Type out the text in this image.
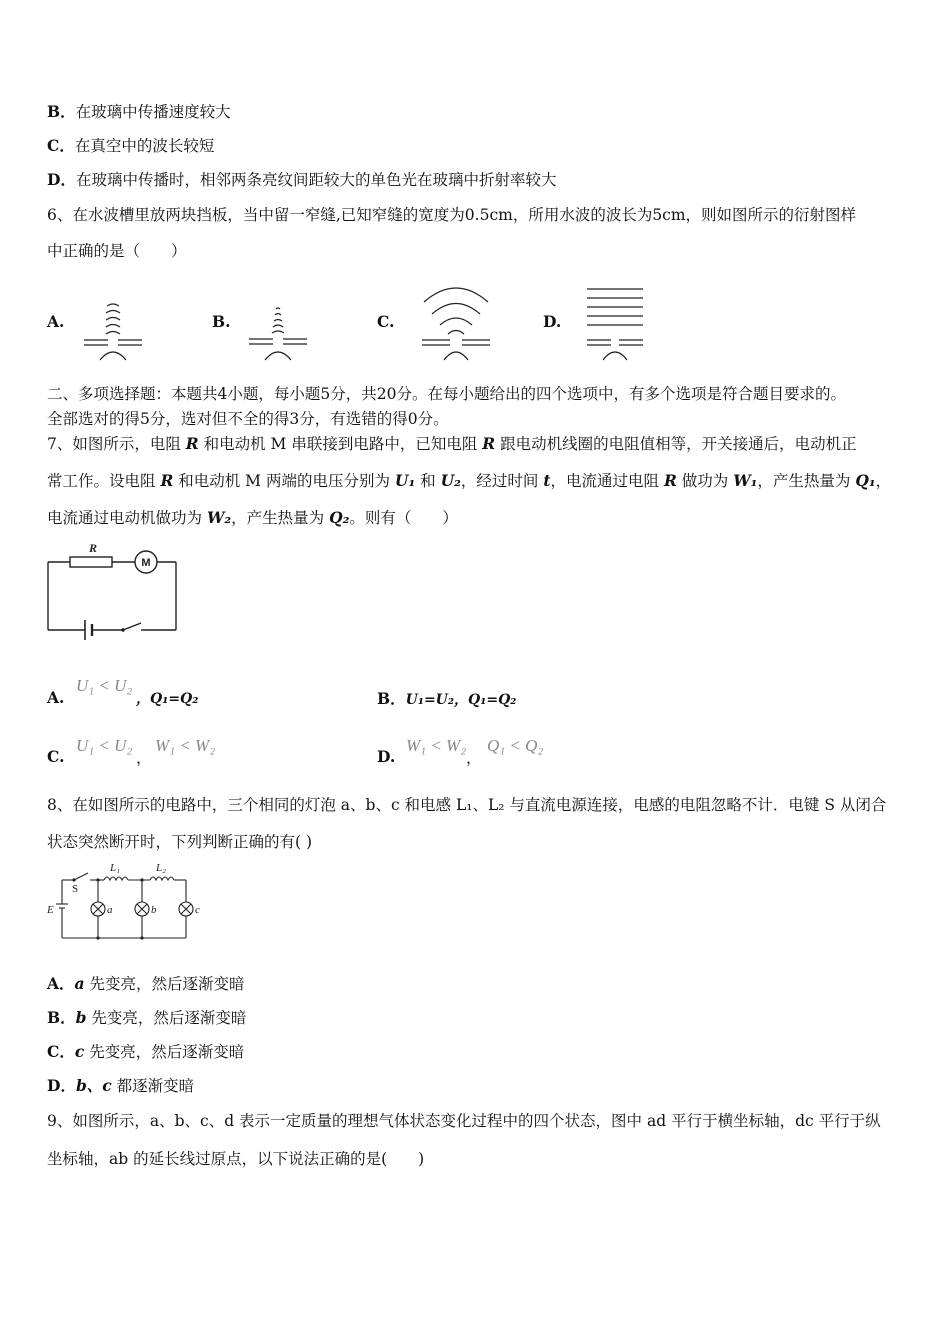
B．在玻璃中传播速度较大
C．在真空中的波长较短
D．在玻璃中传播时，相邻两条亮纹间距较大的单色光在玻璃中折射率较大
6、在水波槽里放两块挡板，当中留一窄缝,已知窄缝的宽度为0.5cm，所用水波的波长为5cm，则如图所示的衍射图样
中正确的是（　　）
A.	B.	C.	D.
二、多项选择题：本题共4小题，每小题5分，共20分。在每小题给出的四个选项中，有多个选项是符合题目要求的。
全部选对的得5分，选对但不全的得3分，有选错的得0分。
7、如图所示，电阻 R 和电动机 M 串联接到电路中，已知电阻 R 跟电动机线圈的电阻值相等，开关接通后，电动机正
常工作。设电阻 R 和电动机 M 两端的电压分别为 U₁ 和 U₂，经过时间 t，电流通过电阻 R 做功为 W₁，产生热量为 Q₁，
电流通过电动机做功为 W₂，产生热量为 Q₂。则有（　　）
R
M
A.
U₁ < U₂
，Q₁=Q₂	B．U₁=U₂，Q₁=Q₂
C.
U₁ < U₂
，
W₁ < W₂
D.
W₁ < W₂
，
Q₁ < Q₂
8、在如图所示的电路中，三个相同的灯泡 a、b、c 和电感 L₁、L₂ 与直流电源连接，电感的电阻忽略不计．电键 S 从闭合
状态突然断开时，下列判断正确的有( )
S
E
L₁	L₂
a	b	c
A．a 先变亮，然后逐渐变暗
B．b 先变亮，然后逐渐变暗
C．c 先变亮，然后逐渐变暗
D．b、c 都逐渐变暗
9、如图所示，a、b、c、d 表示一定质量的理想气体状态变化过程中的四个状态，图中 ad 平行于横坐标轴，dc 平行于纵
坐标轴，ab 的延长线过原点，以下说法正确的是(　　)
